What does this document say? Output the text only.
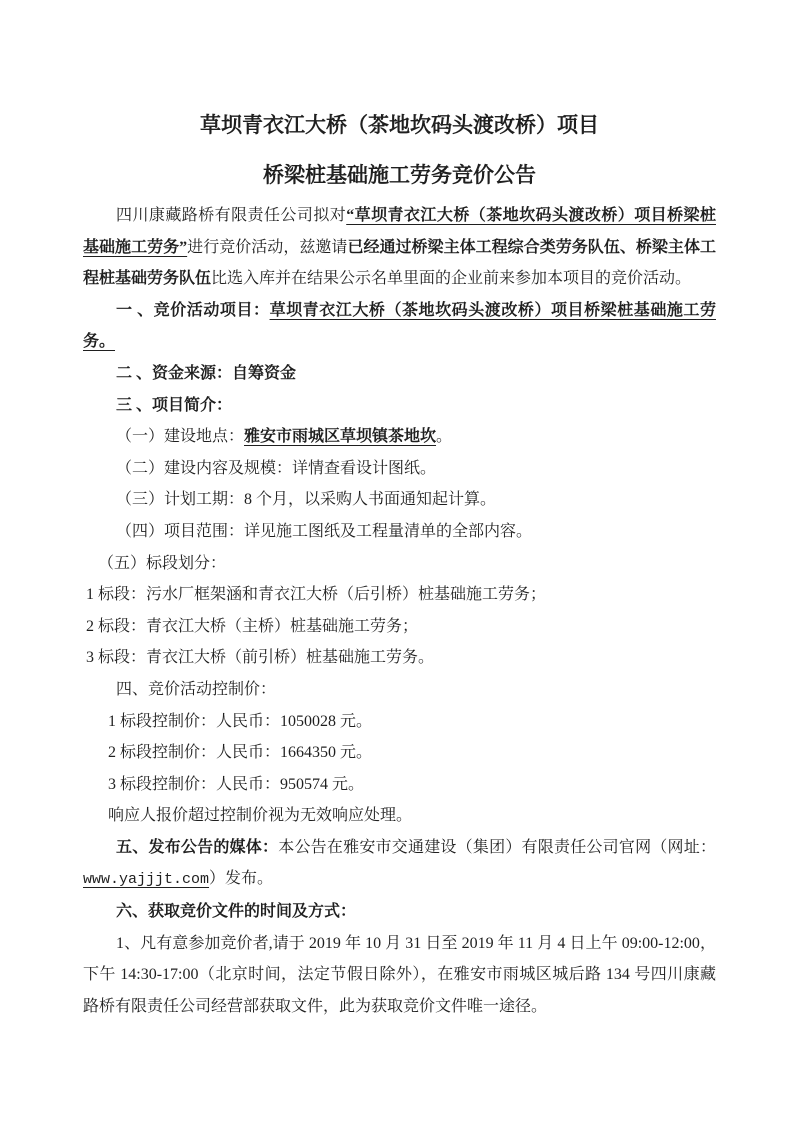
草坝青衣江大桥（茶地坎码头渡改桥）项目

桥梁桩基础施工劳务竞价公告

四川康藏路桥有限责任公司拟对“草坝青衣江大桥（茶地坎码头渡改桥）项目桥梁桩基础施工劳务”进行竞价活动，兹邀请已经通过桥梁主体工程综合类劳务队伍、桥梁主体工程桩基础劳务队伍比选入库并在结果公示名单里面的企业前来参加本项目的竞价活动。

一 、竞价活动项目：草坝青衣江大桥（茶地坎码头渡改桥）项目桥梁桩基础施工劳务。

二 、资金来源：自筹资金

三 、项目简介：

（一）建设地点：雅安市雨城区草坝镇茶地坎。

（二）建设内容及规模：详情查看设计图纸。

（三）计划工期：8 个月，以采购人书面通知起计算。

（四）项目范围：详见施工图纸及工程量清单的全部内容。

（五）标段划分：

1 标段：污水厂框架涵和青衣江大桥（后引桥）桩基础施工劳务；

2 标段：青衣江大桥（主桥）桩基础施工劳务；

3 标段：青衣江大桥（前引桥）桩基础施工劳务。

四、竞价活动控制价：

1 标段控制价：人民币：1050028 元。

2 标段控制价：人民币：1664350 元。

3 标段控制价：人民币：950574 元。

响应人报价超过控制价视为无效响应处理。

五、发布公告的媒体：本公告在雅安市交通建设（集团）有限责任公司官网（网址：www.yajjjt.com）发布。

六、获取竞价文件的时间及方式：

1、凡有意参加竞价者,请于 2019 年 10 月 31 日至 2019 年 11 月 4 日上午 09:00-12:00，下午 14:30-17:00（北京时间，法定节假日除外），在雅安市雨城区城后路 134 号四川康藏路桥有限责任公司经营部获取文件，此为获取竞价文件唯一途径。
